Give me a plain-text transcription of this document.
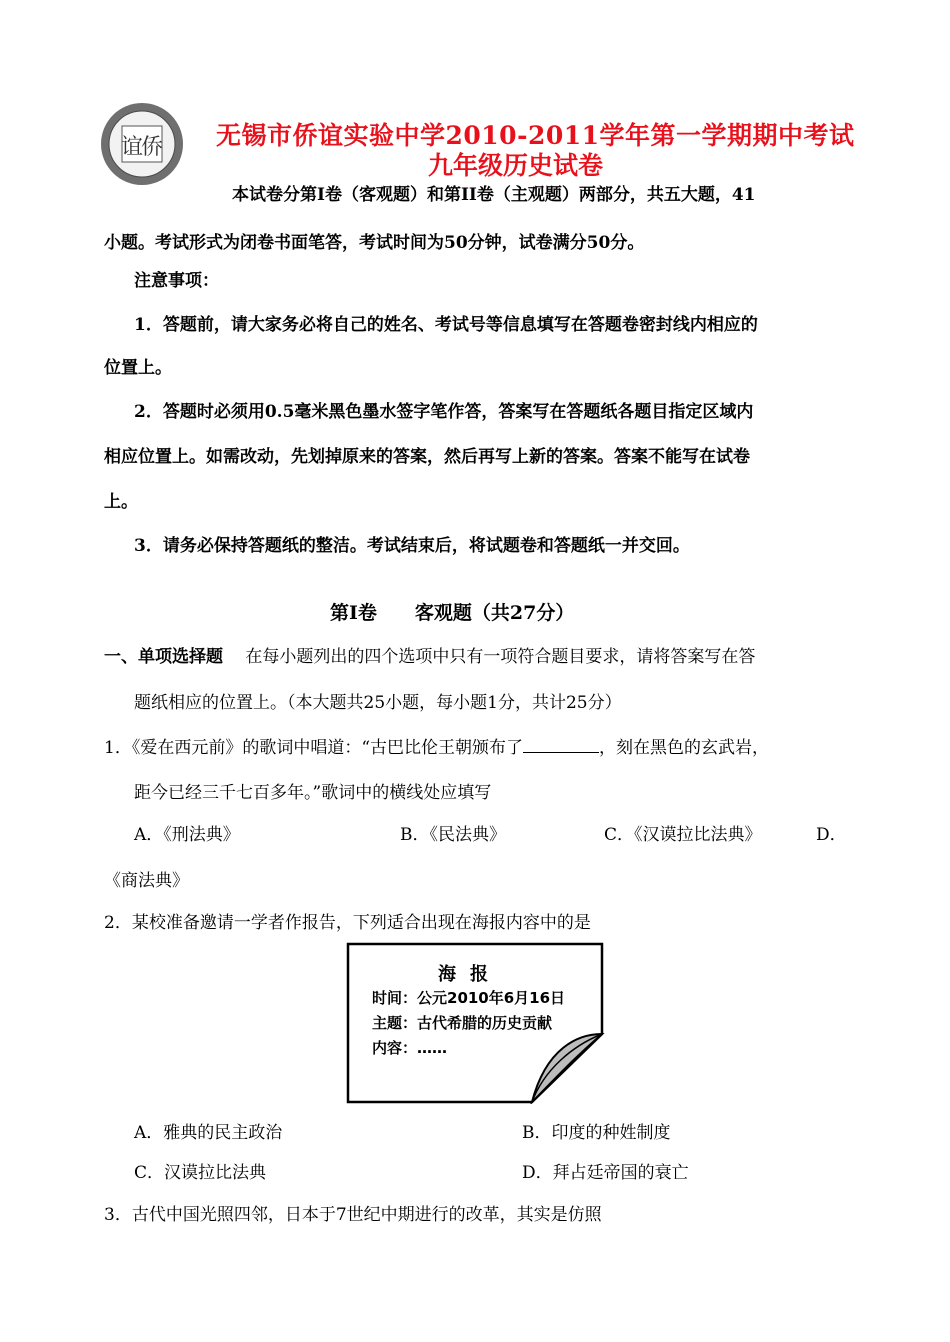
谊
侨 无锡市侨谊实验中学2010-2011学年第一学期期中考试
九年级历史试卷
本试卷分第Ⅰ卷（客观题）和第II卷（主观题）两部分，共五大题，41
小题。考试形式为闭卷书面笔答，考试时间为50分钟，试卷满分50分。
注意事项：
1．答题前，请大家务必将自己的姓名、考试号等信息填写在答题卷密封线内相应的
位置上。
2．答题时必须用0.5毫米黑色墨水签字笔作答，答案写在答题纸各题目指定区域内
相应位置上。如需改动，先划掉原来的答案，然后再写上新的答案。答案不能写在试卷
上。
3．请务必保持答题纸的整洁。考试结束后，将试题卷和答题纸一并交回。
第Ⅰ卷　　客观题（共27分）
一、单项选择题　 在每小题列出的四个选项中只有一项符合题目要求，请将答案写在答
题纸相应的位置上。（本大题共25小题，每小题1分，共计25分）
1．《爱在西元前》的歌词中唱道：“古巴比伦王朝颁布了	，刻在黑色的玄武岩，
距今已经三千七百多年。”歌词中的横线处应填写
A．《刑法典》	B．《民法典》	C．《汉谟拉比法典》	D．
《商法典》
2．某校准备邀请一学者作报告，下列适合出现在海报内容中的是
海报
时间：公元2010年6月16日
主题：古代希腊的历史贡献
内容：……
A．雅典的民主政治	B．印度的种姓制度
C．汉谟拉比法典	D．拜占廷帝国的衰亡
3．古代中国光照四邻，日本于7世纪中期进行的改革，其实是仿照
